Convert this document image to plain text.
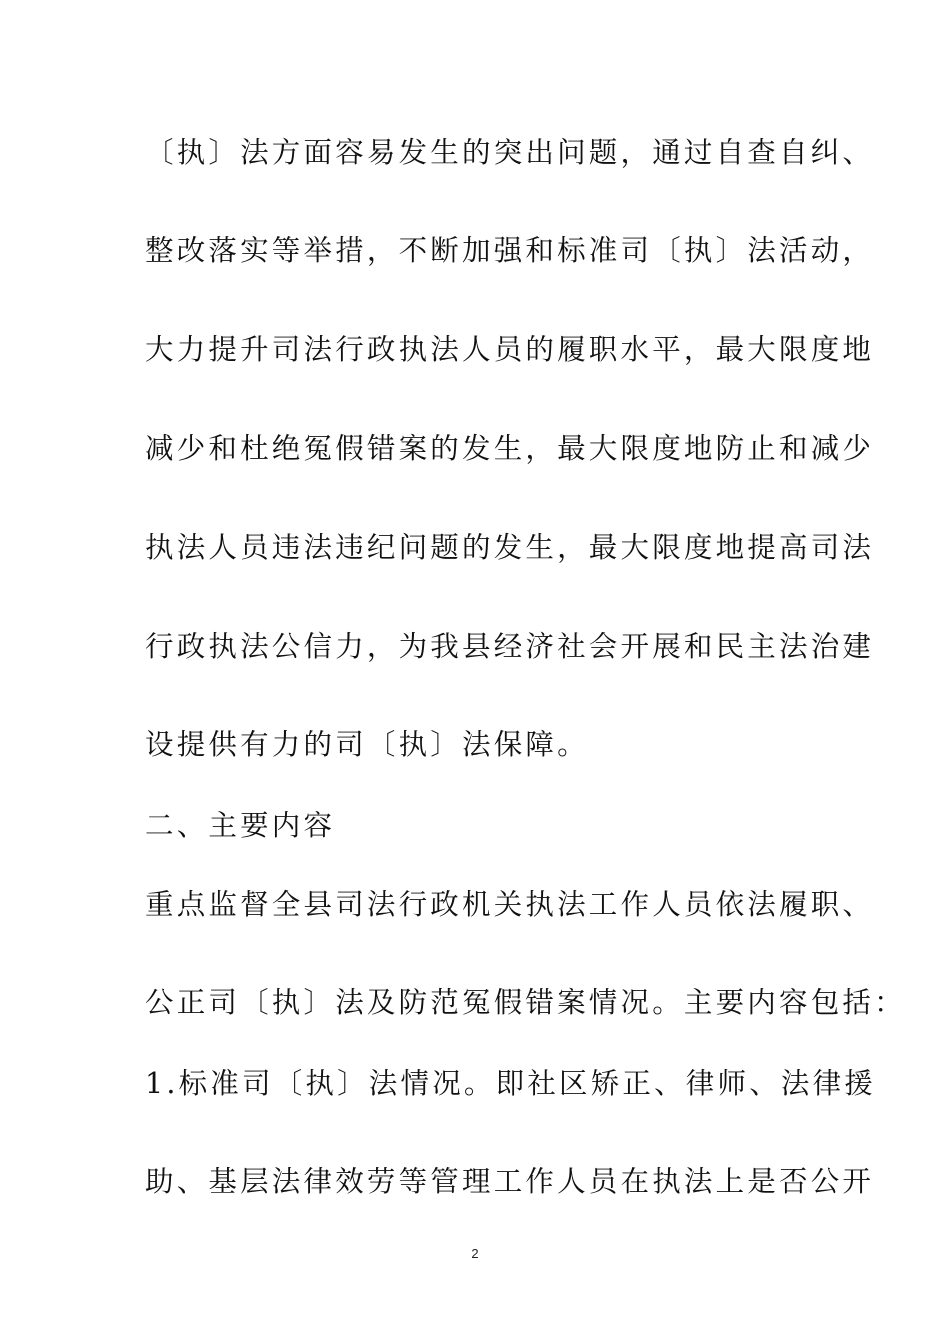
〔执〕法方面容易发生的突出问题，通过自查自纠、
整改落实等举措，不断加强和标准司〔执〕法活动，
大力提升司法行政执法人员的履职水平，最大限度地
减少和杜绝冤假错案的发生，最大限度地防止和减少
执法人员违法违纪问题的发生，最大限度地提高司法
行政执法公信力，为我县经济社会开展和民主法治建
设提供有力的司〔执〕法保障。
二、主要内容
重点监督全县司法行政机关执法工作人员依法履职、
公正司〔执〕法及防范冤假错案情况。主要内容包括：
1.标准司〔执〕法情况。即社区矫正、律师、法律援
助、基层法律效劳等管理工作人员在执法上是否公开
2
